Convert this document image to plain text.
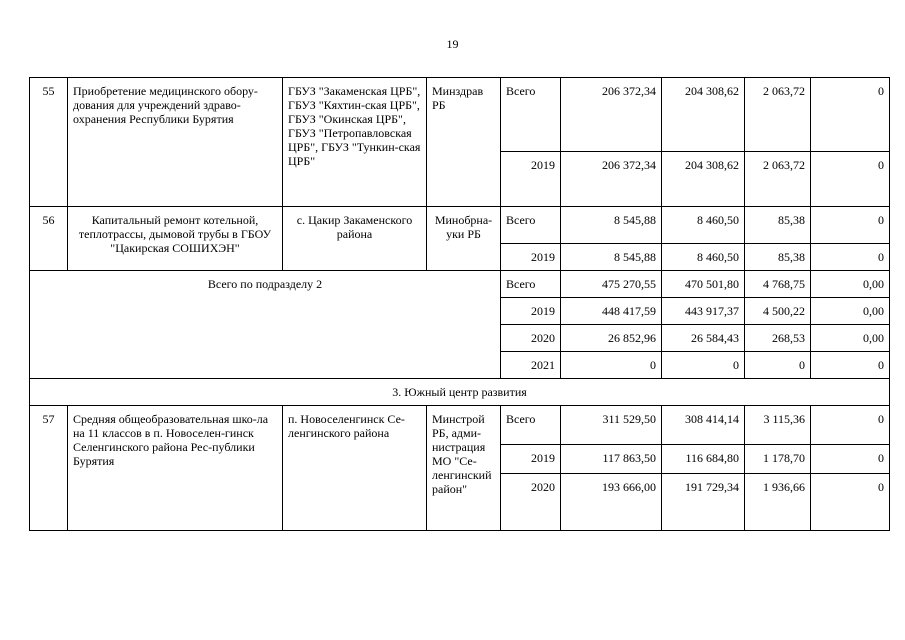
19
55	Приобретение медицинского обору-дования для учреждений здраво-охранения Республики Бурятия	ГБУЗ "Закаменская ЦРБ", ГБУЗ "Кяхтин-ская ЦРБ", ГБУЗ "Окинская ЦРБ", ГБУЗ "Петропавловская ЦРБ", ГБУЗ "Тункин-ская ЦРБ"	Минздрав РБ	Всего	206 372,34	204 308,62	2 063,72	0
				2019	206 372,34	204 308,62	2 063,72	0
56	Капитальный ремонт котельной, теплотрассы, дымовой трубы в ГБОУ "Цакирская СОШИХЭН"	с. Цакир Закаменского района	Минобрна-уки РБ	Всего	8 545,88	8 460,50	85,38	0
				2019	8 545,88	8 460,50	85,38	0
Всего по подразделу 2				Всего	475 270,55	470 501,80	4 768,75	0,00
				2019	448 417,59	443 917,37	4 500,22	0,00
				2020	26 852,96	26 584,43	268,53	0,00
				2021	0	0	0	0
3. Южный центр развития								
57	Средняя общеобразовательная шко-ла на 11 классов в п. Новоселен-гинск Селенгинского района Рес-публики Бурятия	п. Новоселенгинск Се-ленгинского района	Минстрой РБ, адми-нистрация МО "Се-ленгинский район"	Всего	311 529,50	308 414,14	3 115,36	0
				2019	117 863,50	116 684,80	1 178,70	0
				2020	193 666,00	191 729,34	1 936,66	0
